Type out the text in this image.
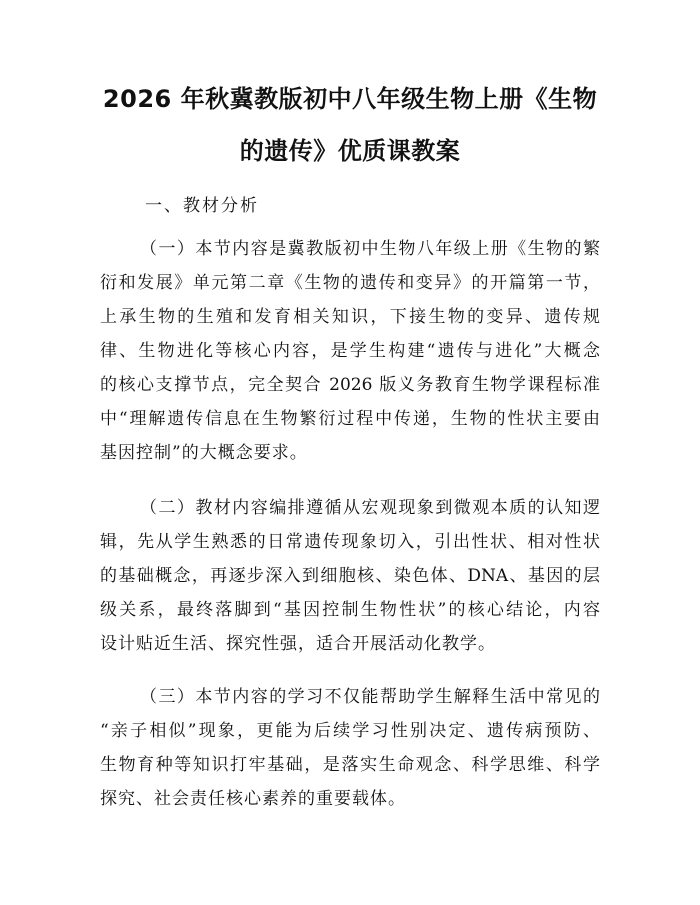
2026 年秋冀教版初中八年级生物上册《生物
的遗传》优质课教案
一、教材分析
（一）本节内容是冀教版初中生物八年级上册《生物的繁
衍和发展》单元第二章《生物的遗传和变异》的开篇第一节，
上承生物的生殖和发育相关知识，下接生物的变异、遗传规
律、生物进化等核心内容，是学生构建“遗传与进化”大概念
的核心支撑节点，完全契合 2026 版义务教育生物学课程标准
中“理解遗传信息在生物繁衍过程中传递，生物的性状主要由
基因控制”的大概念要求。
（二）教材内容编排遵循从宏观现象到微观本质的认知逻
辑，先从学生熟悉的日常遗传现象切入，引出性状、相对性状
的基础概念，再逐步深入到细胞核、染色体、DNA、基因的层
级关系，最终落脚到“基因控制生物性状”的核心结论，内容
设计贴近生活、探究性强，适合开展活动化教学。
（三）本节内容的学习不仅能帮助学生解释生活中常见的
“亲子相似”现象，更能为后续学习性别决定、遗传病预防、
生物育种等知识打牢基础，是落实生命观念、科学思维、科学
探究、社会责任核心素养的重要载体。
